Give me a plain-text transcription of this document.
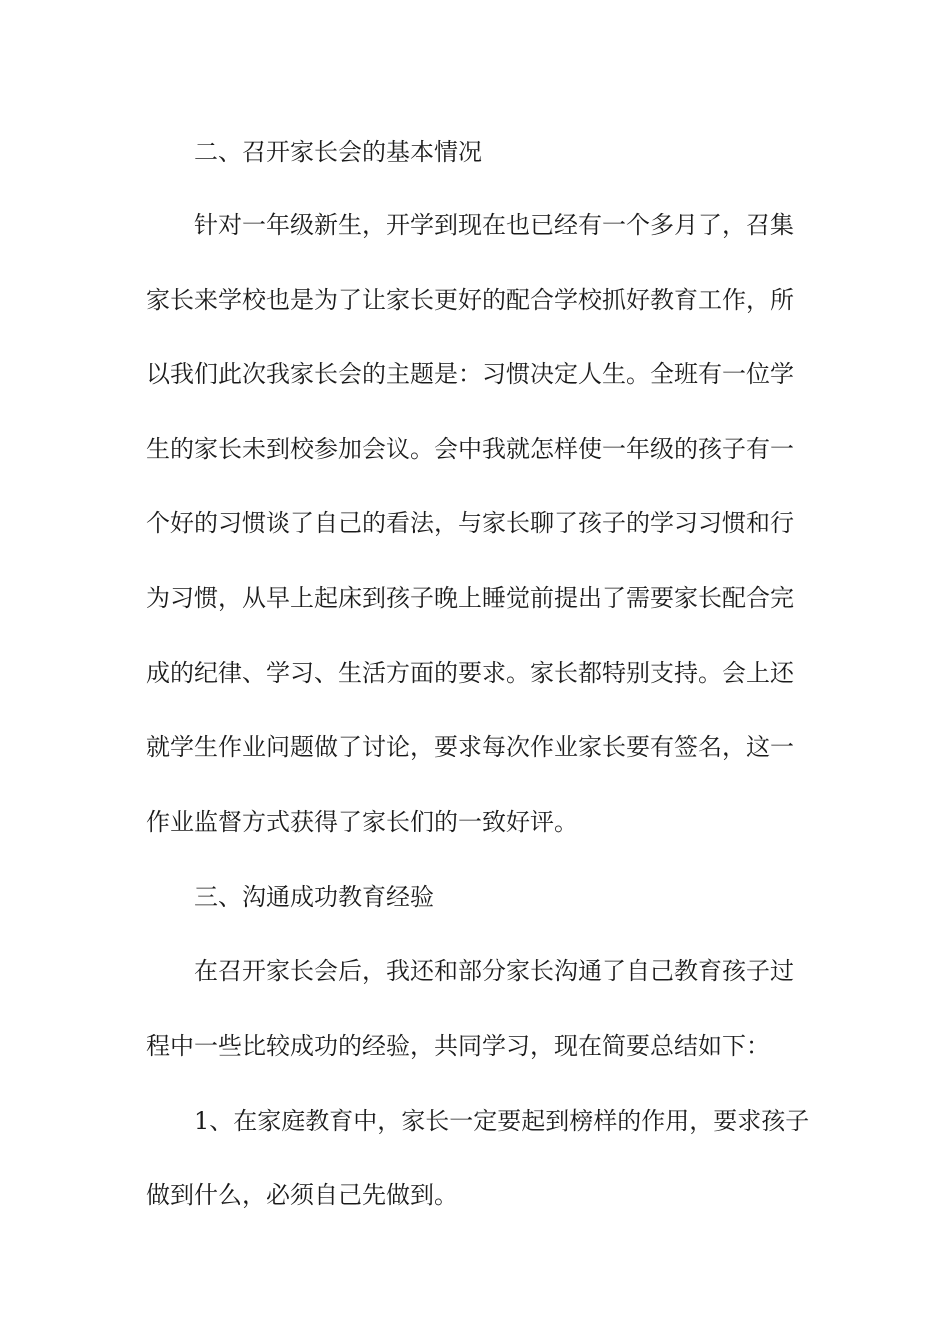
二、召开家长会的基本情况
针对一年级新生，开学到现在也已经有一个多月了，召集
家长来学校也是为了让家长更好的配合学校抓好教育工作，所
以我们此次我家长会的主题是：习惯决定人生。全班有一位学
生的家长未到校参加会议。会中我就怎样使一年级的孩子有一
个好的习惯谈了自己的看法，与家长聊了孩子的学习习惯和行
为习惯，从早上起床到孩子晚上睡觉前提出了需要家长配合完
成的纪律、学习、生活方面的要求。家长都特别支持。会上还
就学生作业问题做了讨论，要求每次作业家长要有签名，这一
作业监督方式获得了家长们的一致好评。
三、沟通成功教育经验
在召开家长会后，我还和部分家长沟通了自己教育孩子过
程中一些比较成功的经验，共同学习，现在简要总结如下：
1、在家庭教育中，家长一定要起到榜样的作用，要求孩子
做到什么，必须自己先做到。
